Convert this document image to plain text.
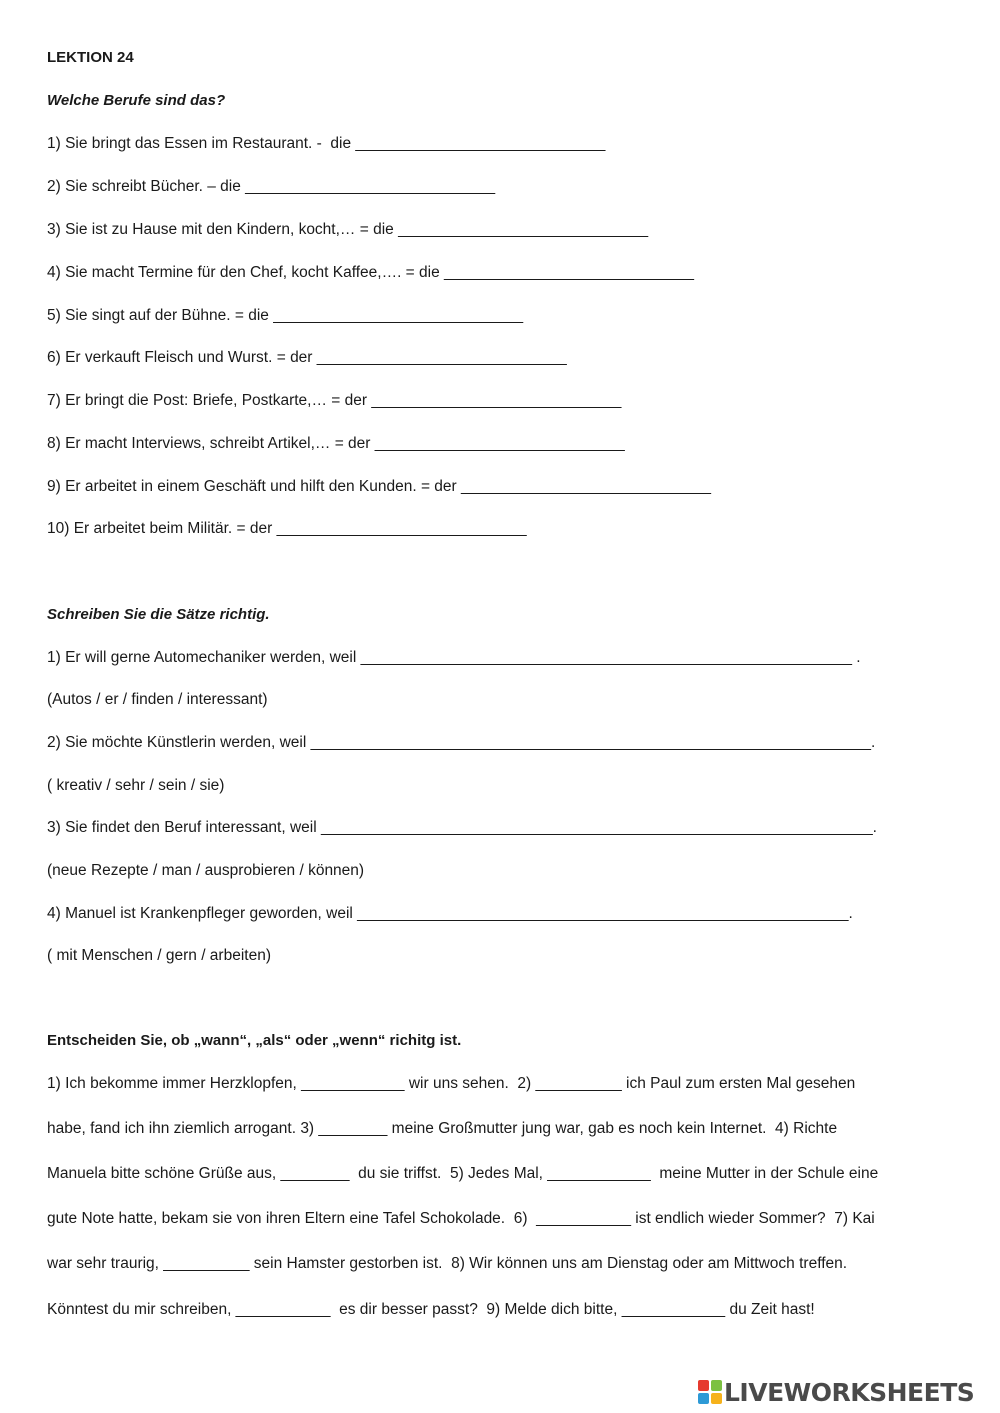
LEKTION 24
Welche Berufe sind das?
1) Sie bringt das Essen im Restaurant. -  die _____________________________
2) Sie schreibt Bücher. – die _____________________________
3) Sie ist zu Hause mit den Kindern, kocht,… = die _____________________________
4) Sie macht Termine für den Chef, kocht Kaffee,…. = die _____________________________
5) Sie singt auf der Bühne. = die _____________________________
6) Er verkauft Fleisch und Wurst. = der _____________________________
7) Er bringt die Post: Briefe, Postkarte,… = der _____________________________
8) Er macht Interviews, schreibt Artikel,… = der _____________________________
9) Er arbeitet in einem Geschäft und hilft den Kunden. = der _____________________________
10) Er arbeitet beim Militär. = der _____________________________
Schreiben Sie die Sätze richtig.
1) Er will gerne Automechaniker werden, weil _________________________________________________________ .
(Autos / er / finden / interessant)
2) Sie möchte Künstlerin werden, weil _________________________________________________________________.
( kreativ / sehr / sein / sie)
3) Sie findet den Beruf interessant, weil ________________________________________________________________.
(neue Rezepte / man / ausprobieren / können)
4) Manuel ist Krankenpfleger geworden, weil _________________________________________________________.
( mit Menschen / gern / arbeiten)
Entscheiden Sie, ob „wann“, „als“ oder „wenn“ richitg ist.
1) Ich bekomme immer Herzklopfen, ____________ wir uns sehen.  2) __________ ich Paul zum ersten Mal gesehen
habe, fand ich ihn ziemlich arrogant. 3) ________ meine Großmutter jung war, gab es noch kein Internet.  4) Richte
Manuela bitte schöne Grüße aus, ________  du sie triffst.  5) Jedes Mal, ____________  meine Mutter in der Schule eine
gute Note hatte, bekam sie von ihren Eltern eine Tafel Schokolade.  6)  ___________ ist endlich wieder Sommer?  7) Kai
war sehr traurig, __________ sein Hamster gestorben ist.  8) Wir können uns am Dienstag oder am Mittwoch treffen.
Könntest du mir schreiben, ___________  es dir besser passt?  9) Melde dich bitte, ____________ du Zeit hast!
LIVEWORKSHEETS
